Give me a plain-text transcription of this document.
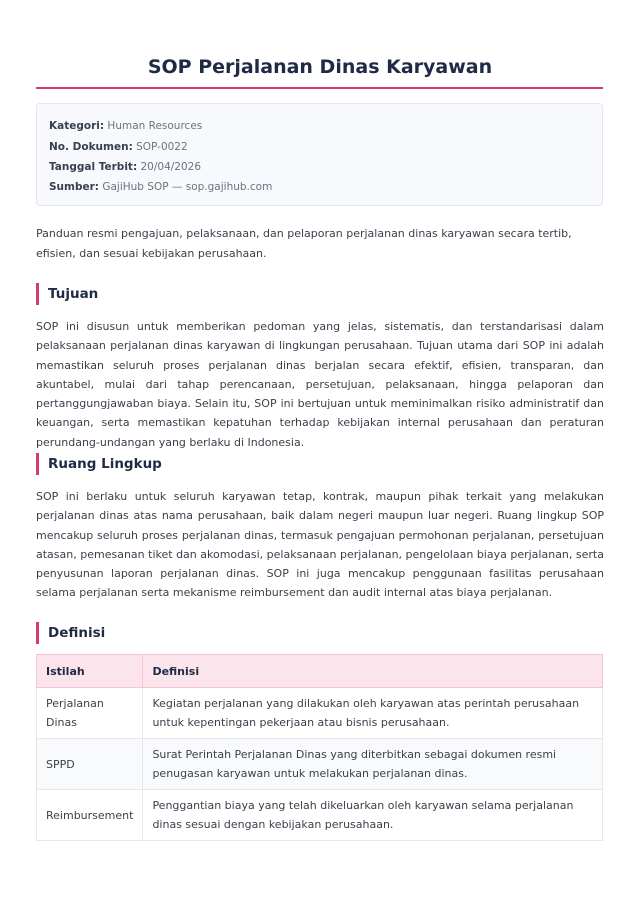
SOP Perjalanan Dinas Karyawan
Kategori: Human Resources
No. Dokumen: SOP-0022
Tanggal Terbit: 20/04/2026
Sumber: GajiHub SOP — sop.gajihub.com

Panduan resmi pengajuan, pelaksanaan, dan pelaporan perjalanan dinas karyawan secara tertib, efisien, dan sesuai kebijakan perusahaan.

Tujuan

SOP ini disusun untuk memberikan pedoman yang jelas, sistematis, dan terstandarisasi dalam pelaksanaan perjalanan dinas karyawan di lingkungan perusahaan. Tujuan utama dari SOP ini adalah memastikan seluruh proses perjalanan dinas berjalan secara efektif, efisien, transparan, dan akuntabel, mulai dari tahap perencanaan, persetujuan, pelaksanaan, hingga pelaporan dan pertanggungjawaban biaya. Selain itu, SOP ini bertujuan untuk meminimalkan risiko administratif dan keuangan, serta memastikan kepatuhan terhadap kebijakan internal perusahaan dan peraturan perundang-undangan yang berlaku di Indonesia.

Ruang Lingkup

SOP ini berlaku untuk seluruh karyawan tetap, kontrak, maupun pihak terkait yang melakukan perjalanan dinas atas nama perusahaan, baik dalam negeri maupun luar negeri. Ruang lingkup SOP mencakup seluruh proses perjalanan dinas, termasuk pengajuan permohonan perjalanan, persetujuan atasan, pemesanan tiket dan akomodasi, pelaksanaan perjalanan, pengelolaan biaya perjalanan, serta penyusunan laporan perjalanan dinas. SOP ini juga mencakup penggunaan fasilitas perusahaan selama perjalanan serta mekanisme reimbursement dan audit internal atas biaya perjalanan.

Definisi
Istilah	Definisi
Perjalanan Dinas	Kegiatan perjalanan yang dilakukan oleh karyawan atas perintah perusahaan untuk kepentingan pekerjaan atau bisnis perusahaan.
SPPD	Surat Perintah Perjalanan Dinas yang diterbitkan sebagai dokumen resmi penugasan karyawan untuk melakukan perjalanan dinas.
Reimbursement	Penggantian biaya yang telah dikeluarkan oleh karyawan selama perjalanan dinas sesuai dengan kebijakan perusahaan.
